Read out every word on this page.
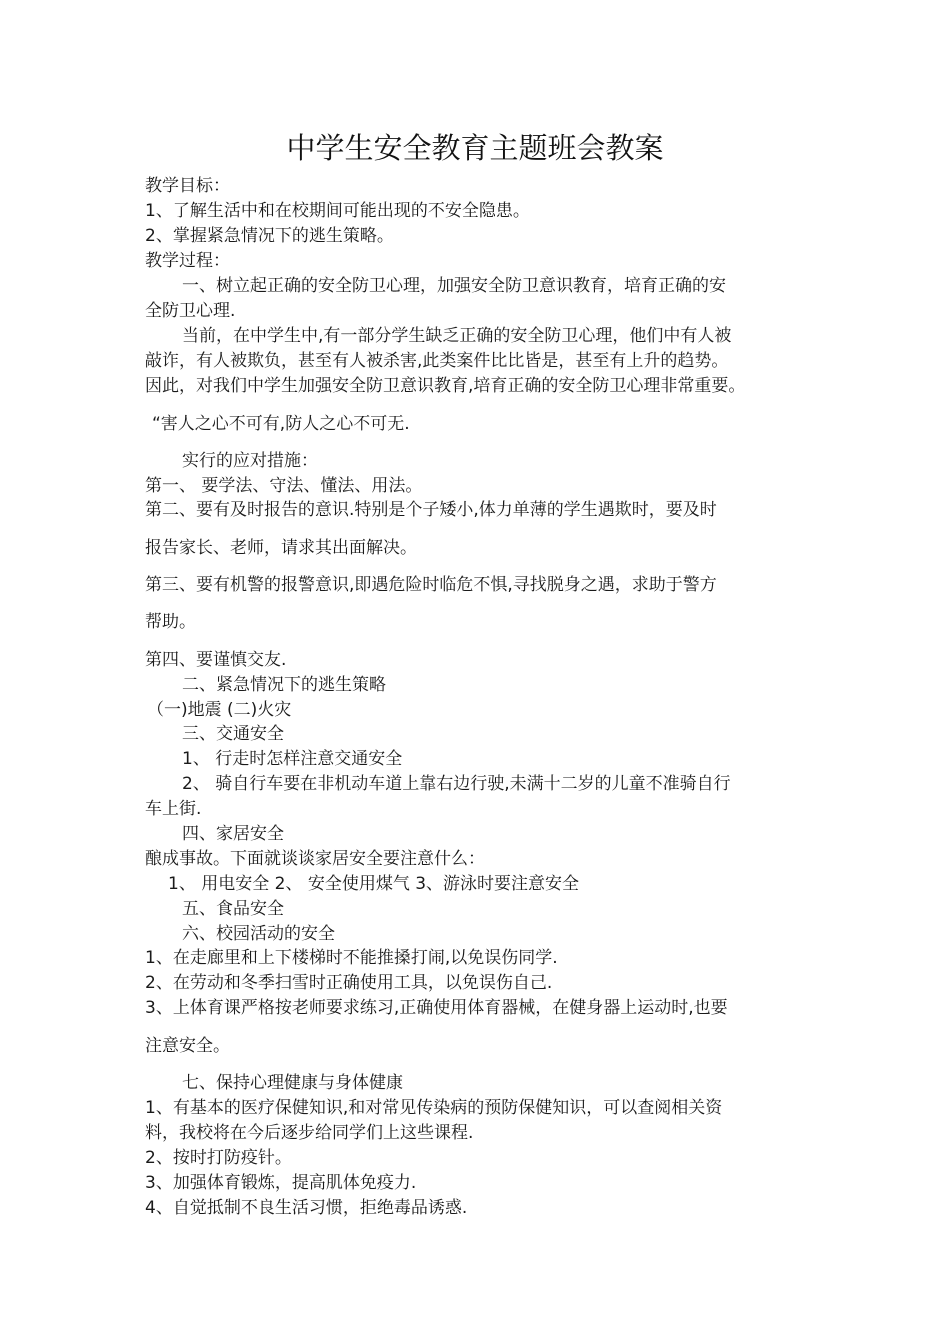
中学生安全教育主题班会教案
教学目标：
1、了解生活中和在校期间可能出现的不安全隐患。
2、掌握紧急情况下的逃生策略。
教学过程：
一、树立起正确的安全防卫心理，加强安全防卫意识教育，培育正确的安
全防卫心理.
当前，在中学生中,有一部分学生缺乏正确的安全防卫心理，他们中有人被
敲诈，有人被欺负，甚至有人被杀害,此类案件比比皆是，甚至有上升的趋势。
因此，对我们中学生加强安全防卫意识教育,培育正确的安全防卫心理非常重要。
“害人之心不可有,防人之心不可无.
实行的应对措施：
第一、 要学法、守法、懂法、用法。
第二、要有及时报告的意识.特别是个子矮小,体力单薄的学生遇欺时，要及时
报告家长、老师，请求其出面解决。
第三、要有机警的报警意识,即遇危险时临危不惧,寻找脱身之遇，求助于警方
帮助。
第四、要谨慎交友.
二、紧急情况下的逃生策略
（一)地震 (二)火灾
三、交通安全
1、 行走时怎样注意交通安全
2、 骑自行车要在非机动车道上靠右边行驶,未满十二岁的儿童不准骑自行
车上街.
四、家居安全
酿成事故。下面就谈谈家居安全要注意什么：
1、 用电安全 2、 安全使用煤气 3、游泳时要注意安全
五、食品安全
六、校园活动的安全
1、在走廊里和上下楼梯时不能推搡打闹,以免误伤同学.
2、在劳动和冬季扫雪时正确使用工具，以免误伤自己.
3、上体育课严格按老师要求练习,正确使用体育器械，在健身器上运动时,也要
注意安全。
七、保持心理健康与身体健康
1、有基本的医疗保健知识,和对常见传染病的预防保健知识，可以查阅相关资
料，我校将在今后逐步给同学们上这些课程.
2、按时打防疫针。
3、加强体育锻炼，提高肌体免疫力.
4、自觉抵制不良生活习惯，拒绝毒品诱惑.
